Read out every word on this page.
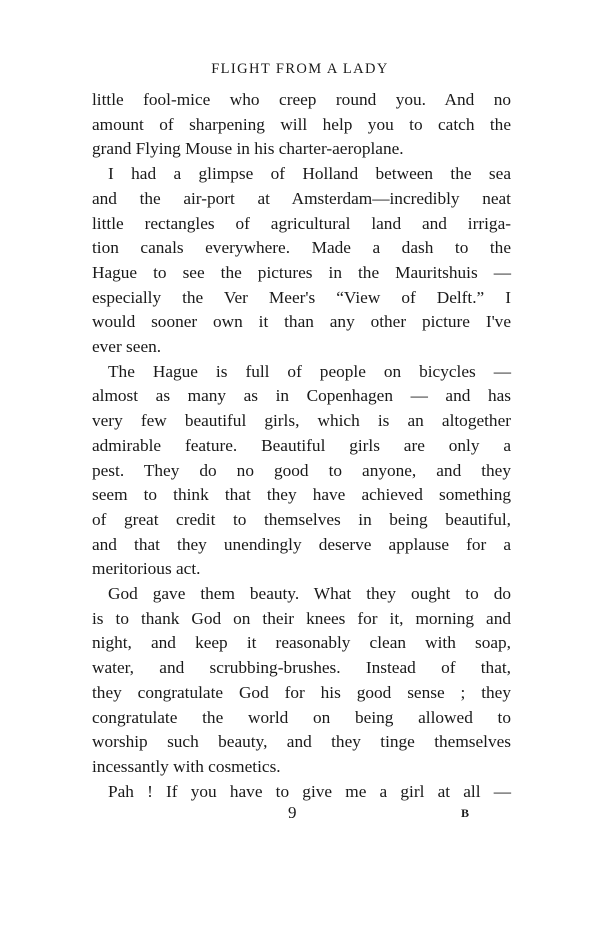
FLIGHT FROM A LADY

little fool-mice who creep round you. And no

amount of sharpening will help you to catch the

grand Flying Mouse in his charter-aeroplane.

I had a glimpse of Holland between the sea

and the air-port at Amsterdam—incredibly neat

little rectangles of agricultural land and irriga-

tion canals everywhere. Made a dash to the

Hague to see the pictures in the Mauritshuis —

especially the Ver Meer's “View of Delft.” I

would sooner own it than any other picture I've

ever seen.

The Hague is full of people on bicycles —

almost as many as in Copenhagen — and has

very few beautiful girls, which is an altogether

admirable feature. Beautiful girls are only a

pest. They do no good to anyone, and they

seem to think that they have achieved something

of great credit to themselves in being beautiful,

and that they unendingly deserve applause for a

meritorious act.

God gave them beauty. What they ought to do

is to thank God on their knees for it, morning and

night, and keep it reasonably clean with soap,

water, and scrubbing-brushes. Instead of that,

they congratulate God for his good sense ; they

congratulate the world on being allowed to

worship such beauty, and they tinge themselves

incessantly with cosmetics.

Pah ! If you have to give me a girl at all —

9	B
